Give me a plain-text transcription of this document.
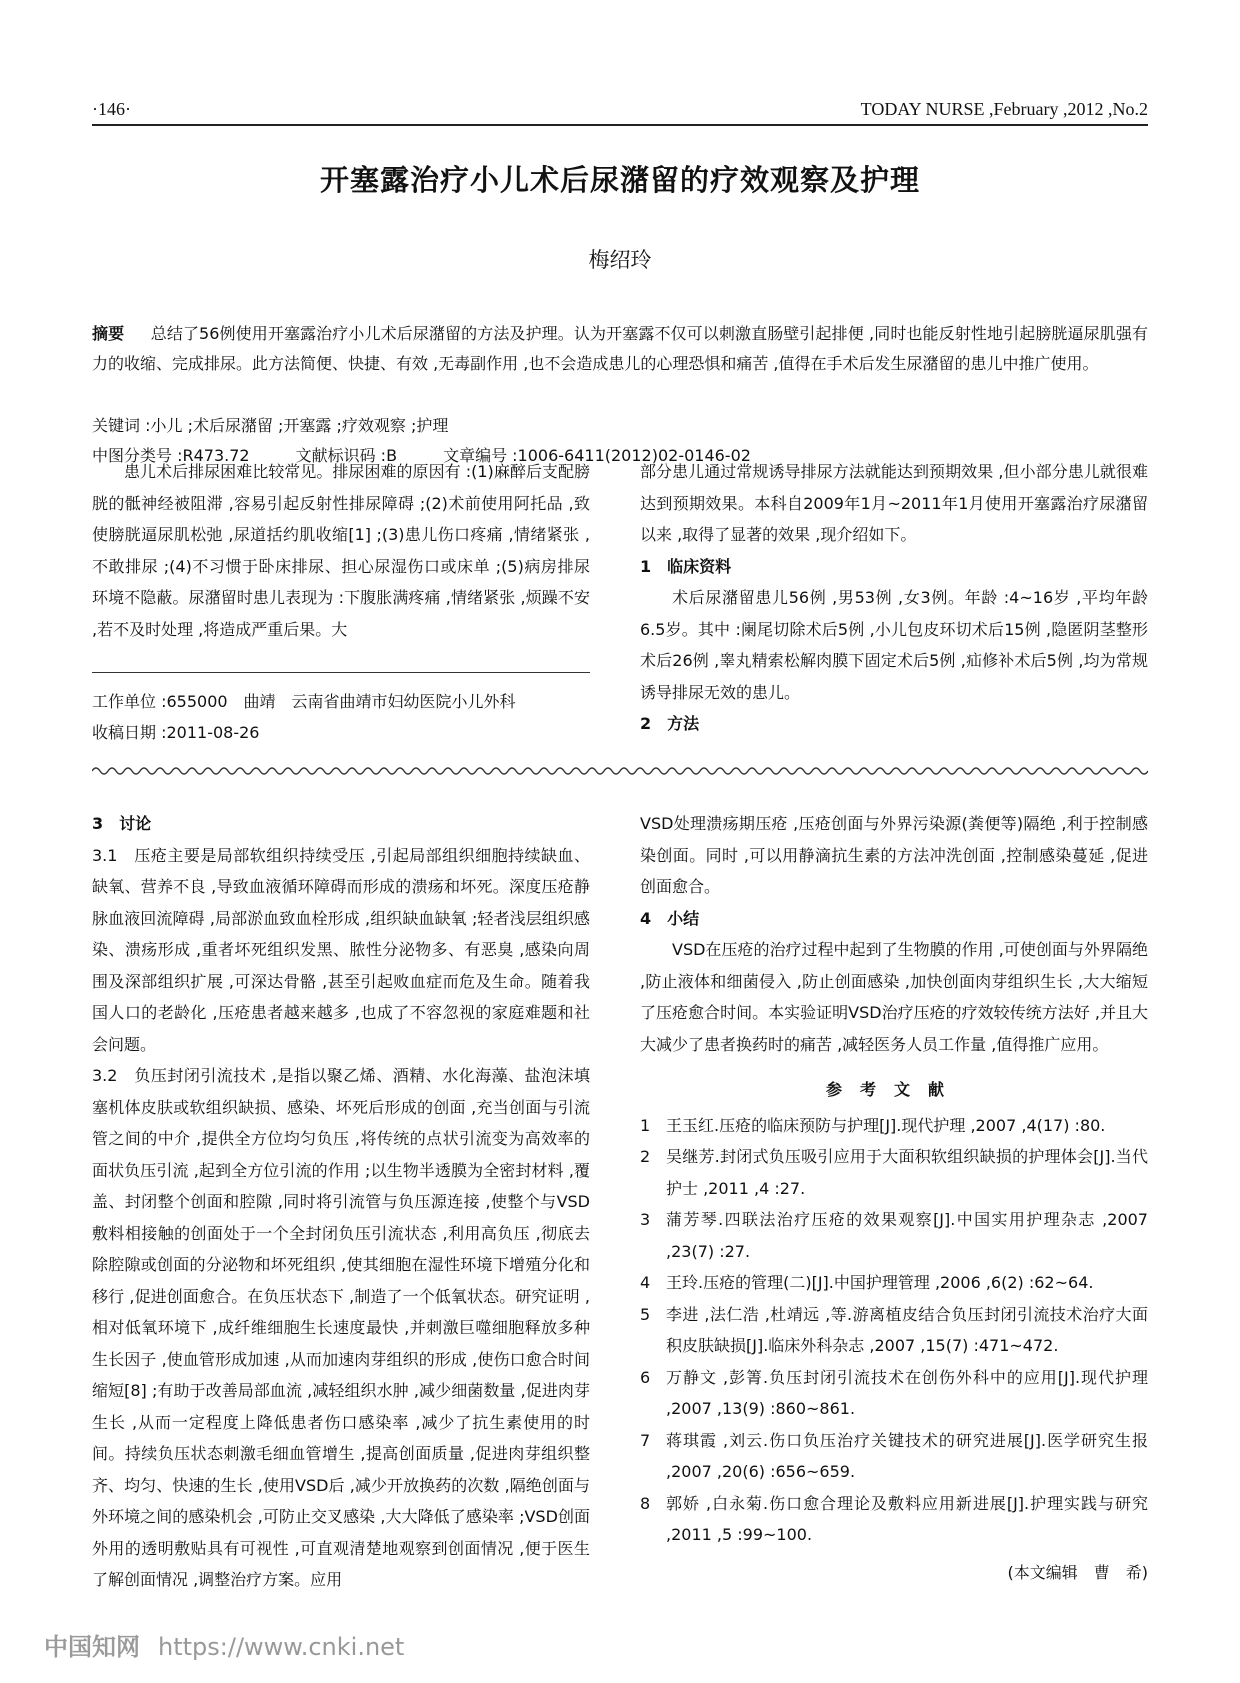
·146·	TODAY NURSE ,February ,2012 ,No.2
开塞露治疗小儿术后尿潴留的疗效观察及护理
梅绍玲
摘要 　 总结了56例使用开塞露治疗小儿术后尿潴留的方法及护理。认为开塞露不仅可以刺激直肠壁引起排便 ,同时也能反射性地引起膀胱逼尿肌强有力的收缩、完成排尿。此方法简便、快捷、有效 ,无毒副作用 ,也不会造成患儿的心理恐惧和痛苦 ,值得在手术后发生尿潴留的患儿中推广使用。
关键词 :小儿 ;术后尿潴留 ;开塞露 ;疗效观察 ;护理
中图分类号 :R473.72	文献标识码 :B	文章编号 :1006-6411(2012)02-0146-02

患儿术后排尿困难比较常见。排尿困难的原因有 :(1)麻醉后支配膀胱的骶神经被阻滞 ,容易引起反射性排尿障碍 ;(2)术前使用阿托品 ,致使膀胱逼尿肌松弛 ,尿道括约肌收缩[1] ;(3)患儿伤口疼痛 ,情绪紧张 ,不敢排尿 ;(4)不习惯于卧床排尿、担心尿湿伤口或床单 ;(5)病房排尿环境不隐蔽。尿潴留时患儿表现为 :下腹胀满疼痛 ,情绪紧张 ,烦躁不安 ,若不及时处理 ,将造成严重后果。大

工作单位 :655000　曲靖　云南省曲靖市妇幼医院小儿外科
收稿日期 :2011-08-26

部分患儿通过常规诱导排尿方法就能达到预期效果 ,但小部分患儿就很难达到预期效果。本科自2009年1月~2011年1月使用开塞露治疗尿潴留以来 ,取得了显著的效果 ,现介绍如下。

1　临床资料

术后尿潴留患儿56例 ,男53例 ,女3例。年龄 :4~16岁 ,平均年龄6.5岁。其中 :阑尾切除术后5例 ,小儿包皮环切术后15例 ,隐匿阴茎整形术后26例 ,睾丸精索松解肉膜下固定术后5例 ,疝修补术后5例 ,均为常规诱导排尿无效的患儿。

2　方法

3　讨论

3.1　压疮主要是局部软组织持续受压 ,引起局部组织细胞持续缺血、缺氧、营养不良 ,导致血液循环障碍而形成的溃疡和坏死。深度压疮静脉血液回流障碍 ,局部淤血致血栓形成 ,组织缺血缺氧 ;轻者浅层组织感染、溃疡形成 ,重者坏死组织发黑、脓性分泌物多、有恶臭 ,感染向周围及深部组织扩展 ,可深达骨骼 ,甚至引起败血症而危及生命。随着我国人口的老龄化 ,压疮患者越来越多 ,也成了不容忽视的家庭难题和社会问题。

3.2　负压封闭引流技术 ,是指以聚乙烯、酒精、水化海藻、盐泡沫填塞机体皮肤或软组织缺损、感染、坏死后形成的创面 ,充当创面与引流管之间的中介 ,提供全方位均匀负压 ,将传统的点状引流变为高效率的面状负压引流 ,起到全方位引流的作用 ;以生物半透膜为全密封材料 ,覆盖、封闭整个创面和腔隙 ,同时将引流管与负压源连接 ,使整个与VSD敷料相接触的创面处于一个全封闭负压引流状态 ,利用高负压 ,彻底去除腔隙或创面的分泌物和坏死组织 ,使其细胞在湿性环境下增殖分化和移行 ,促进创面愈合。在负压状态下 ,制造了一个低氧状态。研究证明 ,相对低氧环境下 ,成纤维细胞生长速度最快 ,并刺激巨噬细胞释放多种生长因子 ,使血管形成加速 ,从而加速肉芽组织的形成 ,使伤口愈合时间缩短[8] ;有助于改善局部血流 ,减轻组织水肿 ,减少细菌数量 ,促进肉芽生长 ,从而一定程度上降低患者伤口感染率 ,减少了抗生素使用的时间。持续负压状态刺激毛细血管增生 ,提高创面质量 ,促进肉芽组织整齐、均匀、快速的生长 ,使用VSD后 ,减少开放换药的次数 ,隔绝创面与外环境之间的感染机会 ,可防止交叉感染 ,大大降低了感染率 ;VSD创面外用的透明敷贴具有可视性 ,可直观清楚地观察到创面情况 ,便于医生了解创面情况 ,调整治疗方案。应用

VSD处理溃疡期压疮 ,压疮创面与外界污染源(粪便等)隔绝 ,利于控制感染创面。同时 ,可以用静滴抗生素的方法冲洗创面 ,控制感染蔓延 ,促进创面愈合。

4　小结

VSD在压疮的治疗过程中起到了生物膜的作用 ,可使创面与外界隔绝 ,防止液体和细菌侵入 ,防止创面感染 ,加快创面肉芽组织生长 ,大大缩短了压疮愈合时间。本实验证明VSD治疗压疮的疗效较传统方法好 ,并且大大减少了患者换药时的痛苦 ,减轻医务人员工作量 ,值得推广应用。

参考文献
1 王玉红.压疮的临床预防与护理[J].现代护理 ,2007 ,4(17) :80.
2 吴继芳.封闭式负压吸引应用于大面积软组织缺损的护理体会[J].当代护士 ,2011 ,4 :27.
3 蒲芳琴.四联法治疗压疮的效果观察[J].中国实用护理杂志 ,2007 ,23(7) :27.
4 王玲.压疮的管理(二)[J].中国护理管理 ,2006 ,6(2) :62~64.
5 李进 ,法仁浩 ,杜靖远 ,等.游离植皮结合负压封闭引流技术治疗大面积皮肤缺损[J].临床外科杂志 ,2007 ,15(7) :471~472.
6 万静文 ,彭箐.负压封闭引流技术在创伤外科中的应用[J].现代护理 ,2007 ,13(9) :860~861.
7 蒋琪霞 ,刘云.伤口负压治疗关键技术的研究进展[J].医学研究生报 ,2007 ,20(6) :656~659.
8 郭娇 ,白永菊.伤口愈合理论及敷料应用新进展[J].护理实践与研究 ,2011 ,5 :99~100.
(本文编辑　曹　希)
中国知网 https://www.cnki.net
